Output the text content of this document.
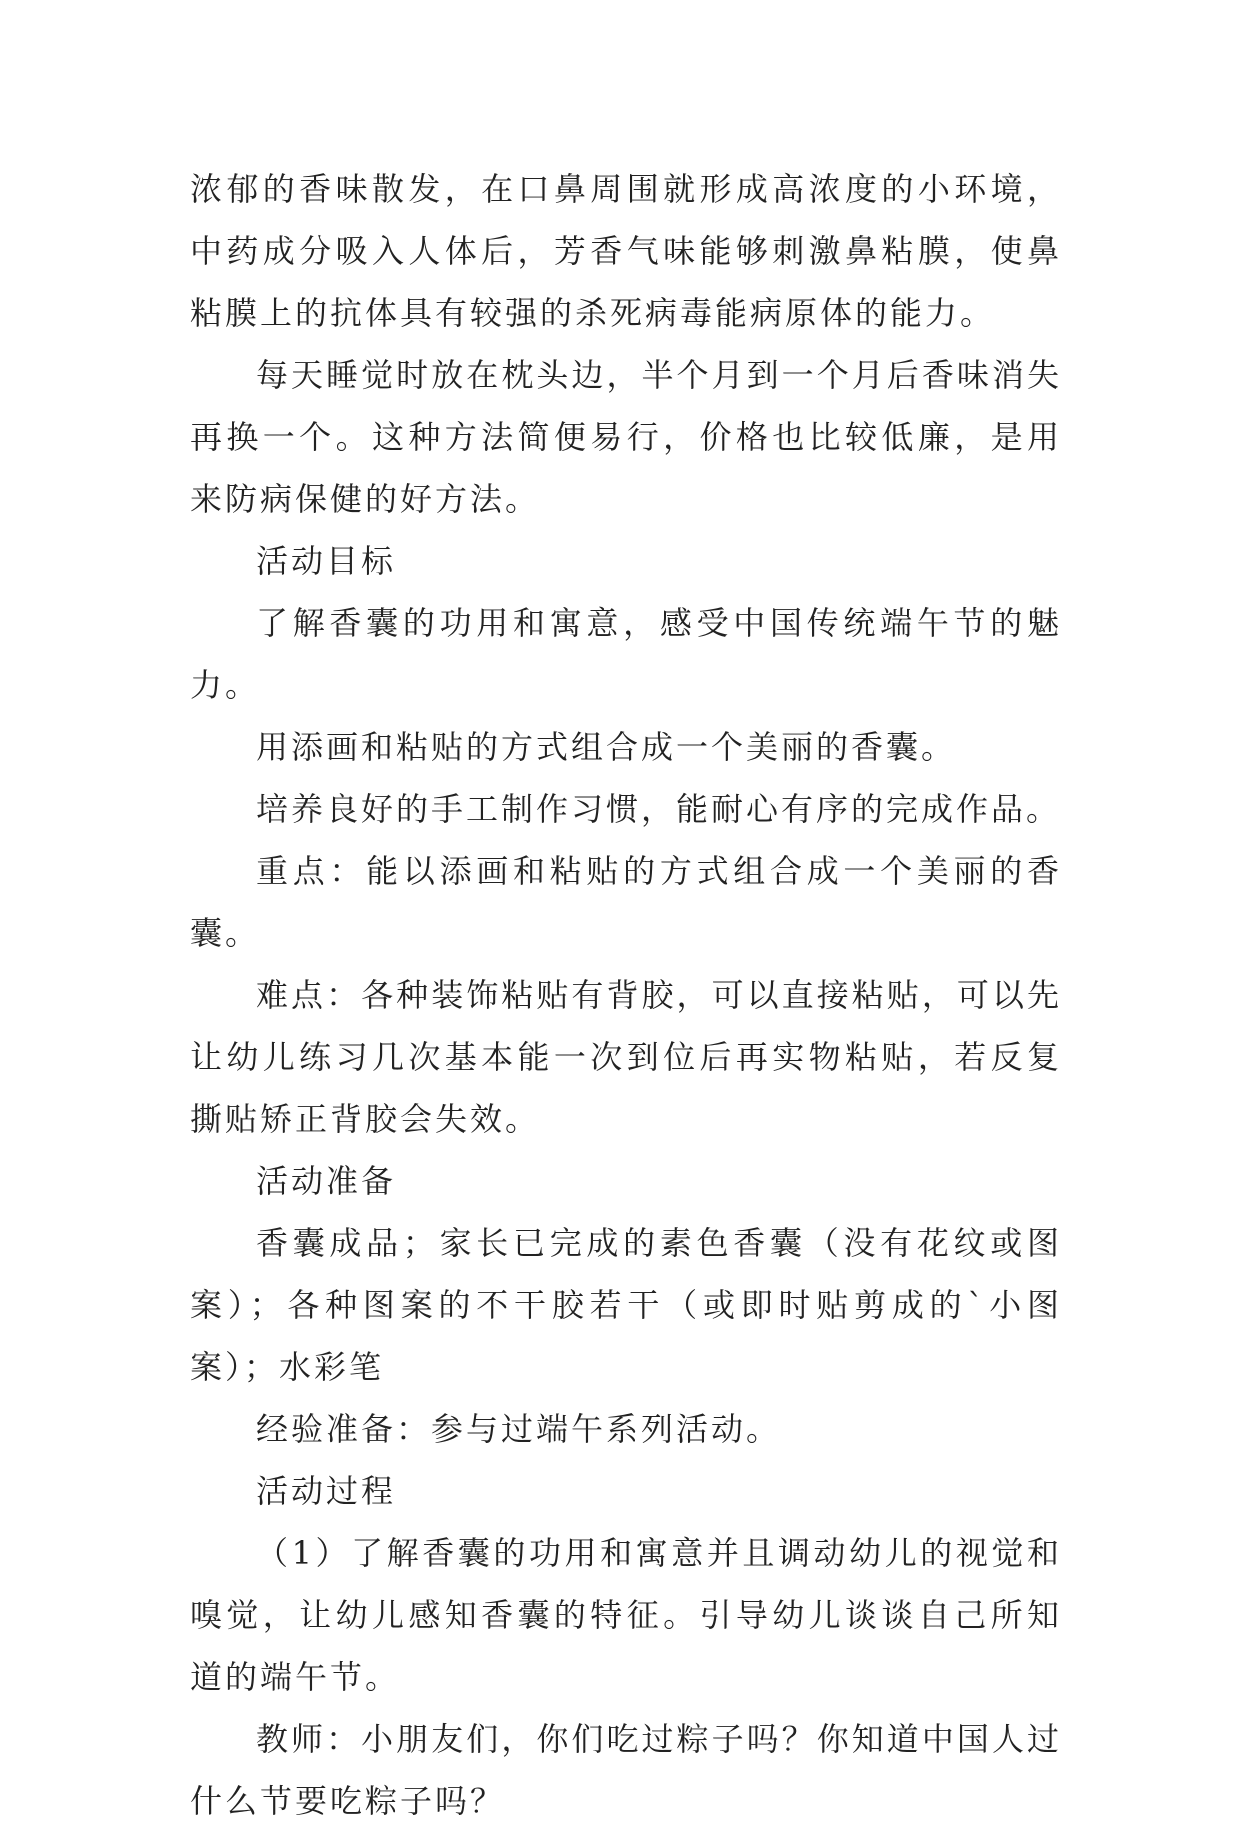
浓郁的香味散发，在口鼻周围就形成高浓度的小环境，中药成分吸入人体后，芳香气味能够刺激鼻粘膜，使鼻粘膜上的抗体具有较强的杀死病毒能病原体的能力。

每天睡觉时放在枕头边，半个月到一个月后香味消失再换一个。这种方法简便易行，价格也比较低廉，是用来防病保健的好方法。

活动目标

了解香囊的功用和寓意，感受中国传统端午节的魅力。

用添画和粘贴的方式组合成一个美丽的香囊。

培养良好的手工制作习惯，能耐心有序的完成作品。

重点：能以添画和粘贴的方式组合成一个美丽的香囊。

难点：各种装饰粘贴有背胶，可以直接粘贴，可以先让幼儿练习几次基本能一次到位后再实物粘贴，若反复撕贴矫正背胶会失效。

活动准备

香囊成品；家长已完成的素色香囊（没有花纹或图案）；各种图案的不干胶若干（或即时贴剪成的`小图案）；水彩笔

经验准备：参与过端午系列活动。

活动过程

（1）了解香囊的功用和寓意并且调动幼儿的视觉和嗅觉，让幼儿感知香囊的特征。引导幼儿谈谈自己所知道的端午节。

教师：小朋友们，你们吃过粽子吗？你知道中国人过什么节要吃粽子吗？
